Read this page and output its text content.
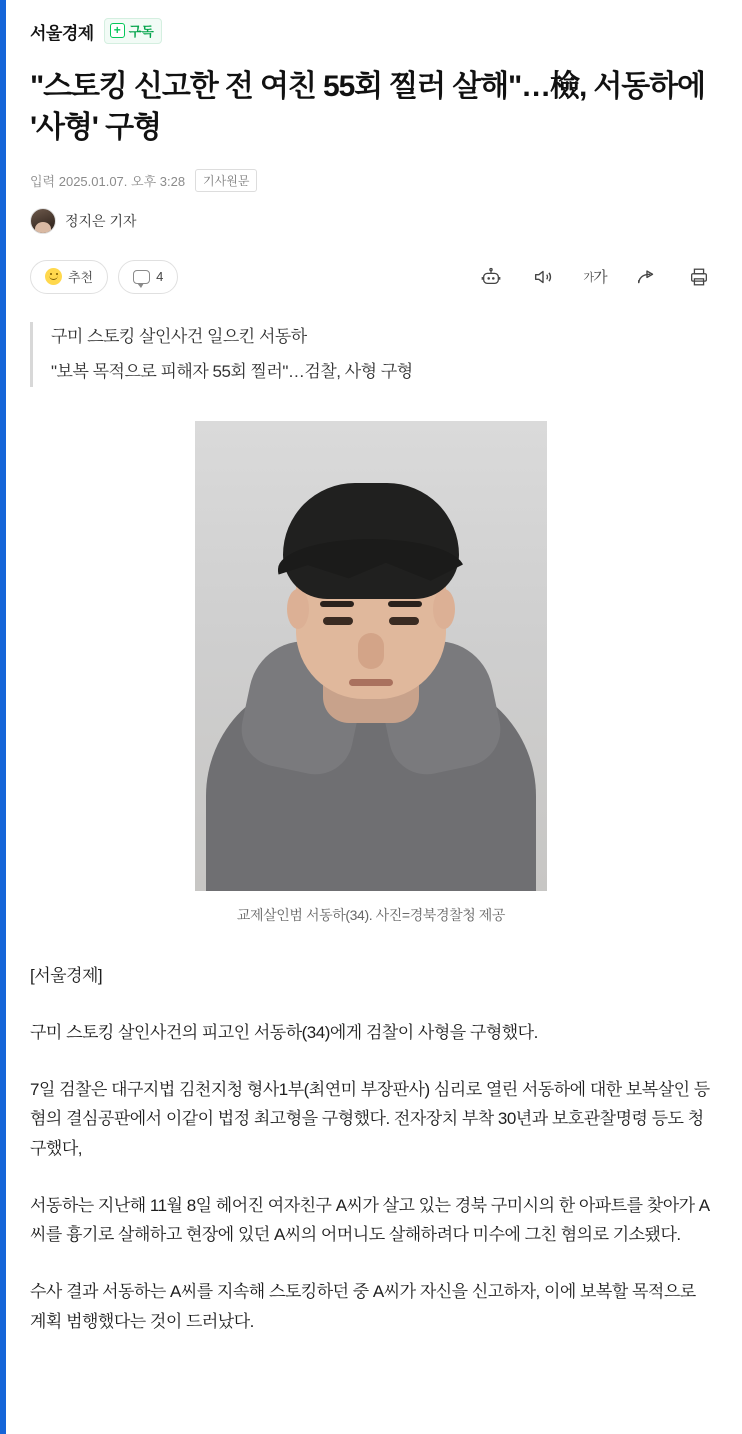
서울경제	+ 구독
"스토킹 신고한 전 여친 55회 찔러 살해"…檢, 서동하에 '사형' 구형
입력 2025.01.07. 오후 3:28	기사원문
정지은 기자
추천	4	가 가

구미 스토킹 살인사건 일으킨 서동하

"보복 목적으로 피해자 55회 찔러"…검찰, 사형 구형

교제살인범 서동하(34). 사진=경북경찰청 제공

[서울경제]

구미 스토킹 살인사건의 피고인 서동하(34)에게 검찰이 사형을 구형했다.

7일 검찰은 대구지법 김천지청 형사1부(최연미 부장판사) 심리로 열린 서동하에 대한 보복살인 등 혐의 결심공판에서 이같이 법정 최고형을 구형했다. 전자장치 부착 30년과 보호관찰명령 등도 청구했다,

서동하는 지난해 11월 8일 헤어진 여자친구 A씨가 살고 있는 경북 구미시의 한 아파트를 찾아가 A씨를 흉기로 살해하고 현장에 있던 A씨의 어머니도 살해하려다 미수에 그친 혐의로 기소됐다.

수사 결과 서동하는 A씨를 지속해 스토킹하던 중 A씨가 자신을 신고하자, 이에 보복할 목적으로 계획 범행했다는 것이 드러났다.
